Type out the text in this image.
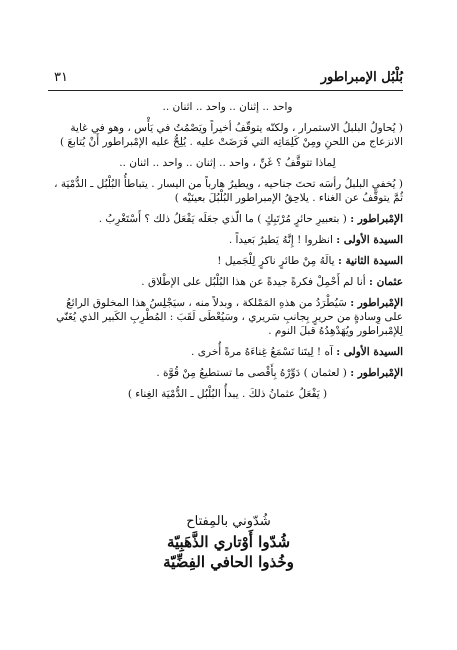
٣١	بُلْبُل الإمبراطور

واحد .. إثنان .. واحد .. اثنان ..

( يُحاولُ البلبلُ الاستمرار ، ولكنّه يتوقّفُ أخيراً ويَصْمُتُ في يَأْس ، وهو في غاية الانزعاج من اللحنِ ومِنْ كَلِمَاتِه التي فَرَضَتْ عليه . يُلِحُّ عليه الإمْبراطور أَنْ يُتابعَ )

لِماذا تتوقَّفُ ؟ غَنِّ ، واحد .. إثنان .. واحد .. اثنان ..

( يُخفي البلبلُ رأسَه تحتَ جناحيه ، ويطيرُ هارباً من اليسار . يتباطأُ البُلْبُل ـ الدُّمْيَة ، ثُمَّ يتوقَّفُ عن الغناء . يلاحِقُ الإمبراطور البُلْبُلَ بعينَيْه )

الإمْبراطور : ( بتعبيرِ حائرٍ مُرْتَبِكٍ ) ما الّذي جعَلَه يَفْعَلُ ذلك ؟ أَسْتَغْرِبُ .

السيدة الأولى : انظروا ! إِنَّهُ يَطيرُ بَعيداً .

السيدة الثانية : يالَهُ مِنْ طائرٍ ناكرٍ لِلْجَميل !

عثمان : أنا لم أَحْمِلْ فكرةً جيدةً عن هذا البُلْبُل على الإطْلاق .

الإمْبراطور : سَيُطْرَدُ من هذهِ المَمْلكة ، وبدلاً منه ، سيَجْلِسُ هذا المخلوق الرائعُ على وِسادةٍ من حريرٍ بِجانبِ سَريري ، وسَيُعْطَى لَقَبَ : المُطْرِبِ الكَبير الذي يُغَنّي لِلإمْبراطور ويُهَدْهِدُهُ قبلَ النوم .

السيدة الأولى : آه ! لِيتَنا نَسْمَعُ غِناءَهُ مرةً أُخرى .

الإمْبراطور : ( لعثمان ) دَوِّرْهُ بِأَقْصى ما تستطيعُ مِنْ قُوَّة .

( يَفْعَلُ عثمانُ ذلكَ . يبدأُ البُلْبُل ـ الدُّمْيَة الغِناء )

شُدّوني بالمِفتاح
شُدّوا أَوْتاري الذَّهَبِيّة
وخُذوا الحافي الفِضِّيّة
